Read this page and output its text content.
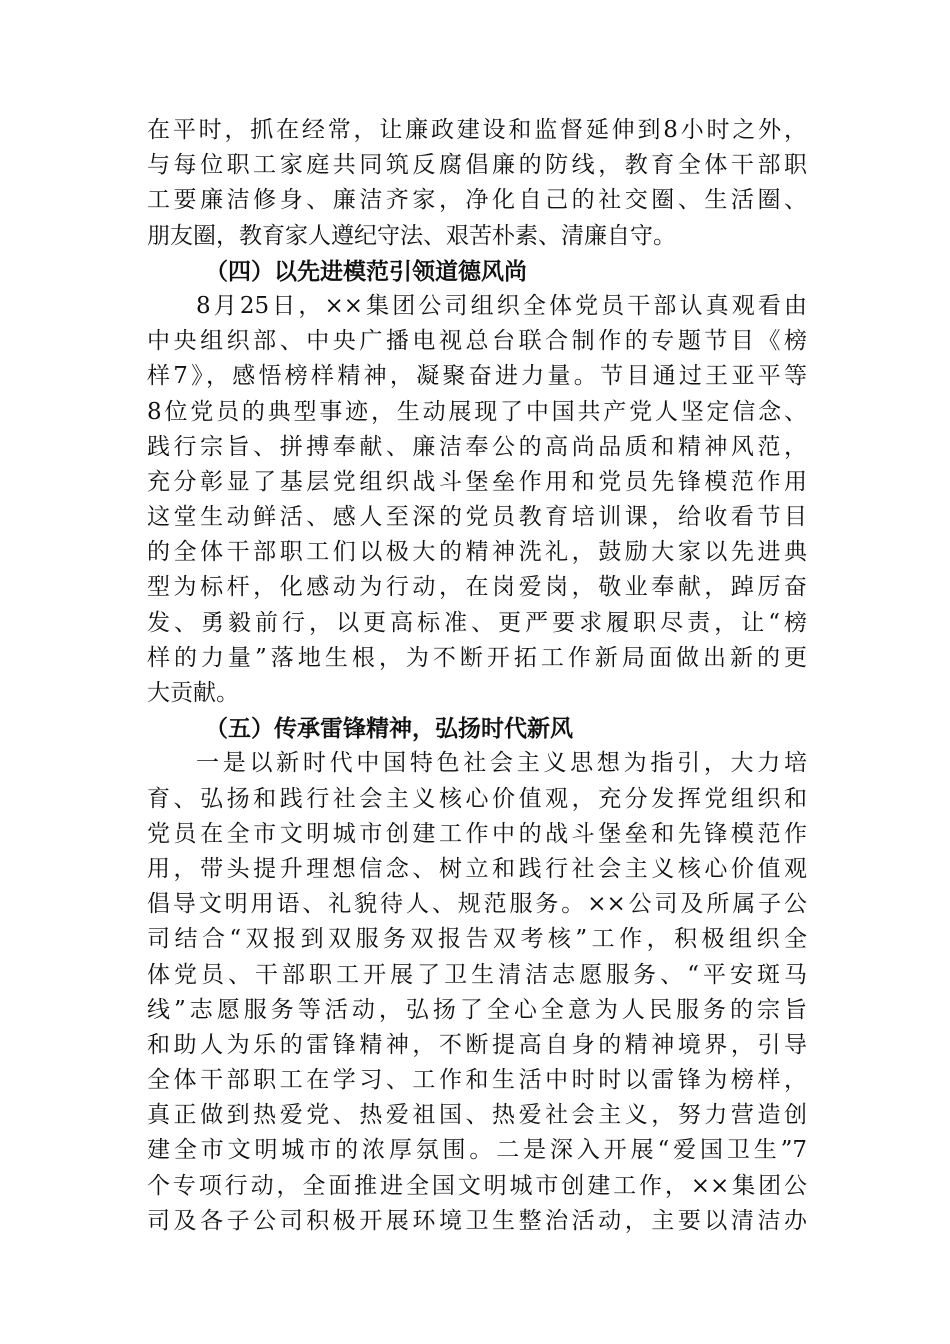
在平时，抓在经常，让廉政建设和监督延伸到8小时之外，
与每位职工家庭共同筑反腐倡廉的防线，教育全体干部职
工要廉洁修身、廉洁齐家，净化自己的社交圈、生活圈、
朋友圈，教育家人遵纪守法、艰苦朴素、清廉自守。
（四）以先进模范引领道德风尚
8月25日，××集团公司组织全体党员干部认真观看由
中央组织部、中央广播电视总台联合制作的专题节目《榜
样7》，感悟榜样精神，凝聚奋进力量。节目通过王亚平等
8位党员的典型事迹，生动展现了中国共产党人坚定信念、
践行宗旨、拼搏奉献、廉洁奉公的高尚品质和精神风范，
充分彰显了基层党组织战斗堡垒作用和党员先锋模范作用
这堂生动鲜活、感人至深的党员教育培训课，给收看节目
的全体干部职工们以极大的精神洗礼，鼓励大家以先进典
型为标杆，化感动为行动，在岗爱岗，敬业奉献，踔厉奋
发、勇毅前行，以更高标准、更严要求履职尽责，让“榜
样的力量”落地生根，为不断开拓工作新局面做出新的更
大贡献。
（五）传承雷锋精神，弘扬时代新风
一是以新时代中国特色社会主义思想为指引，大力培
育、弘扬和践行社会主义核心价值观，充分发挥党组织和
党员在全市文明城市创建工作中的战斗堡垒和先锋模范作
用，带头提升理想信念、树立和践行社会主义核心价值观
倡导文明用语、礼貌待人、规范服务。××公司及所属子公
司结合“双报到双服务双报告双考核”工作，积极组织全
体党员、干部职工开展了卫生清洁志愿服务、“平安斑马
线”志愿服务等活动，弘扬了全心全意为人民服务的宗旨
和助人为乐的雷锋精神，不断提高自身的精神境界，引导
全体干部职工在学习、工作和生活中时时以雷锋为榜样，
真正做到热爱党、热爱祖国、热爱社会主义，努力营造创
建全市文明城市的浓厚氛围。二是深入开展“爱国卫生”7
个专项行动，全面推进全国文明城市创建工作，××集团公
司及各子公司积极开展环境卫生整治活动，主要以清洁办
